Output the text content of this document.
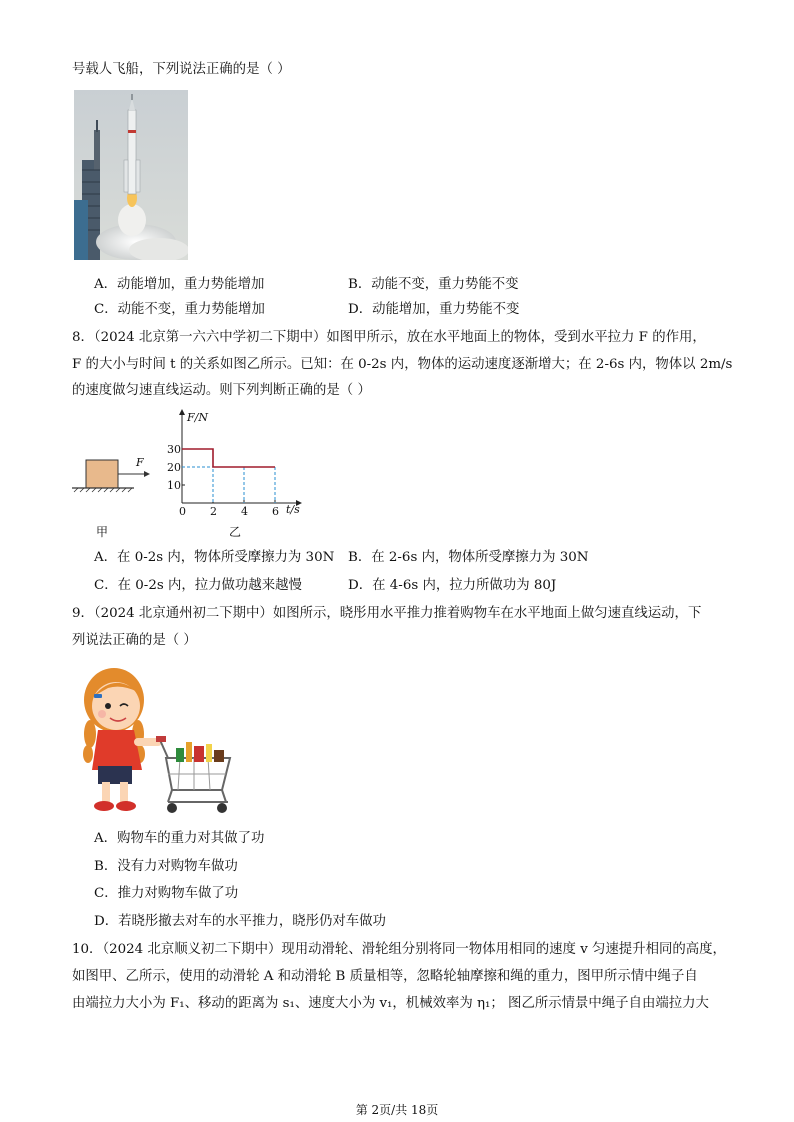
号载人飞船，下列说法正确的是（ ）
A．动能增加，重力势能增加	B．动能不变，重力势能不变
C．动能不变，重力势能增加	D．动能增加，重力势能不变
8．（2024 北京第一六六中学初二下期中）如图甲所示，放在水平地面上的物体，受到水平拉力 F 的作用，
F 的大小与时间 t 的关系如图乙所示。已知：在 0-2s 内，物体的运动速度逐渐增大；在 2-6s 内，物体以 2m/s
的速度做匀速直线运动。则下列判断正确的是（ ）
F
F/N
t/s
0 2 4 6
10
20
30
甲	乙
A．在 0-2s 内，物体所受摩擦力为 30N B．在 2-6s 内，物体所受摩擦力为 30N
C．在 0-2s 内，拉力做功越来越慢	D．在 4-6s 内，拉力所做功为 80J
9．（2024 北京通州初二下期中）如图所示，晓彤用水平推力推着购物车在水平地面上做匀速直线运动，下
列说法正确的是（ ）
A．购物车的重力对其做了功
B．没有力对购物车做功
C．推力对购物车做了功
D．若晓彤撤去对车的水平推力，晓彤仍对车做功
10．（2024 北京顺义初二下期中）现用动滑轮、滑轮组分别将同一物体用相同的速度 v 匀速提升相同的高度，
如图甲、乙所示，使用的动滑轮 A 和动滑轮 B 质量相等，忽略轮轴摩擦和绳的重力，图甲所示情中绳子自
由端拉力大小为 F₁、移动的距离为 s₁、速度大小为 v₁，机械效率为 η₁； 图乙所示情景中绳子自由端拉力大
第 2页/共 18页
